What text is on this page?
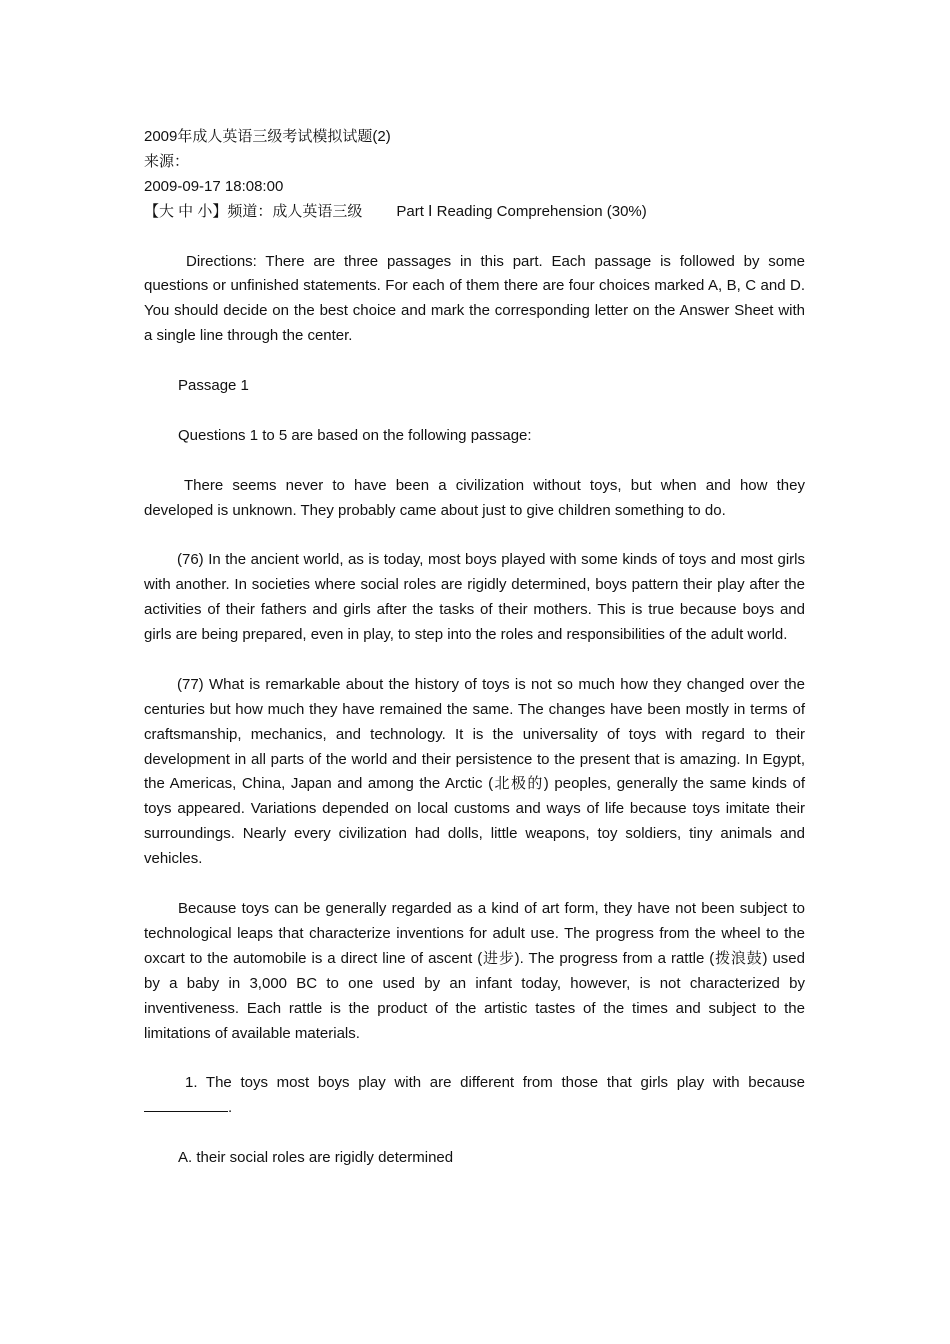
2009年成人英语三级考试模拟试题(2)
来源：
2009-09-17 18:08:00
【大 中 小】频道：成人英语三级 Part Ⅰ Reading Comprehension (30%)

Directions: There are three passages in this part. Each passage is followed by some questions or unfinished statements. For each of them there are four choices marked A, B, C and D. You should decide on the best choice and mark the corresponding letter on the Answer Sheet with a single line through the center.

Passage 1

Questions 1 to 5 are based on the following passage:

There seems never to have been a civilization without toys, but when and how they developed is unknown. They probably came about just to give children something to do.

(76) In the ancient world, as is today, most boys played with some kinds of toys and most girls with another. In societies where social roles are rigidly determined, boys pattern their play after the activities of their fathers and girls after the tasks of their mothers. This is true because boys and girls are being prepared, even in play, to step into the roles and responsibilities of the adult world.

(77) What is remarkable about the history of toys is not so much how they changed over the centuries but how much they have remained the same. The changes have been mostly in terms of craftsmanship, mechanics, and technology. It is the universality of toys with regard to their development in all parts of the world and their persistence to the present that is amazing. In Egypt, the Americas, China, Japan and among the Arctic (北极的) peoples, generally the same kinds of toys appeared. Variations depended on local customs and ways of life because toys imitate their surroundings. Nearly every civilization had dolls, little weapons, toy soldiers, tiny animals and vehicles.

Because toys can be generally regarded as a kind of art form, they have not been subject to technological leaps that characterize inventions for adult use. The progress from the wheel to the oxcart to the automobile is a direct line of ascent (进步). The progress from a rattle (拨浪鼓) used by a baby in 3,000 BC to one used by an infant today, however, is not characterized by inventiveness. Each rattle is the product of the artistic tastes of the times and subject to the limitations of available materials.

1. The toys most boys play with are different from those that girls play with because .

A. their social roles are rigidly determined
